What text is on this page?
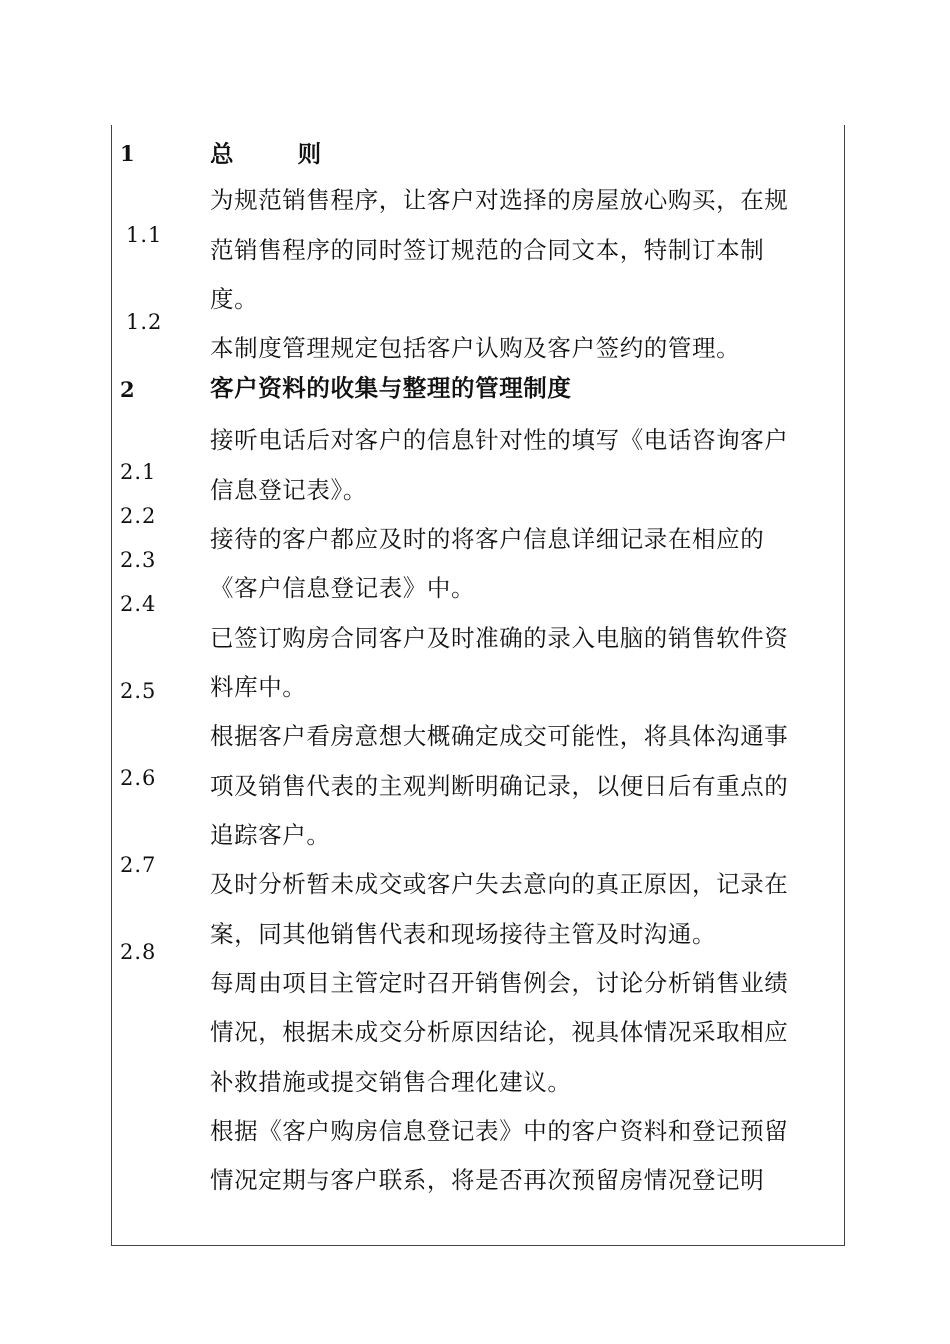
1
1.1
1.2
2
2.1
2.2
2.3
2.4
2.5
2.6
2.7
2.8
总 则
为规范销售程序，让客户对选择的房屋放心购买，在规
范销售程序的同时签订规范的合同文本，特制订本制
度。
本制度管理规定包括客户认购及客户签约的管理。
客户资料的收集与整理的管理制度
接听电话后对客户的信息针对性的填写《电话咨询客户
信息登记表》。
接待的客户都应及时的将客户信息详细记录在相应的
《客户信息登记表》中。
已签订购房合同客户及时准确的录入电脑的销售软件资
料库中。
根据客户看房意想大概确定成交可能性，将具体沟通事
项及销售代表的主观判断明确记录，以便日后有重点的
追踪客户。
及时分析暂未成交或客户失去意向的真正原因，记录在
案，同其他销售代表和现场接待主管及时沟通。
每周由项目主管定时召开销售例会，讨论分析销售业绩
情况，根据未成交分析原因结论，视具体情况采取相应
补救措施或提交销售合理化建议。
根据《客户购房信息登记表》中的客户资料和登记预留
情况定期与客户联系，将是否再次预留房情况登记明
